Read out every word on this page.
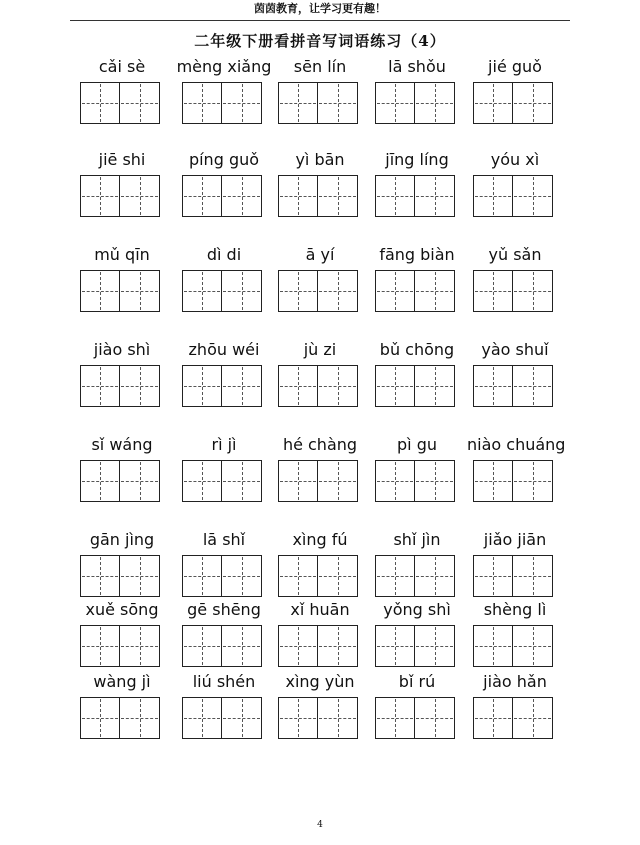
茵茵教育，让学习更有趣！
二年级下册看拼音写词语练习（4）
cǎi sè	mèng xiǎng	sēn lín	lā shǒu	jié guǒ
jiē shi	píng guǒ	yì bān	jīng líng	yóu xì
mǔ qīn	dì di	ā yí	fāng biàn	yǔ sǎn
jiào shì	zhōu wéi	jù zi	bǔ chōng	yào shuǐ
sǐ wáng	rì jì	hé chàng	pì gu	niào chuáng
gān jìng	lā shǐ	xìng fú	shǐ jìn	jiǎo jiān
xuě sōng	gē shēng	xǐ huān	yǒng shì	shèng lì
wàng jì	liú shén	xìng yùn	bǐ rú	jiào hǎn
4
